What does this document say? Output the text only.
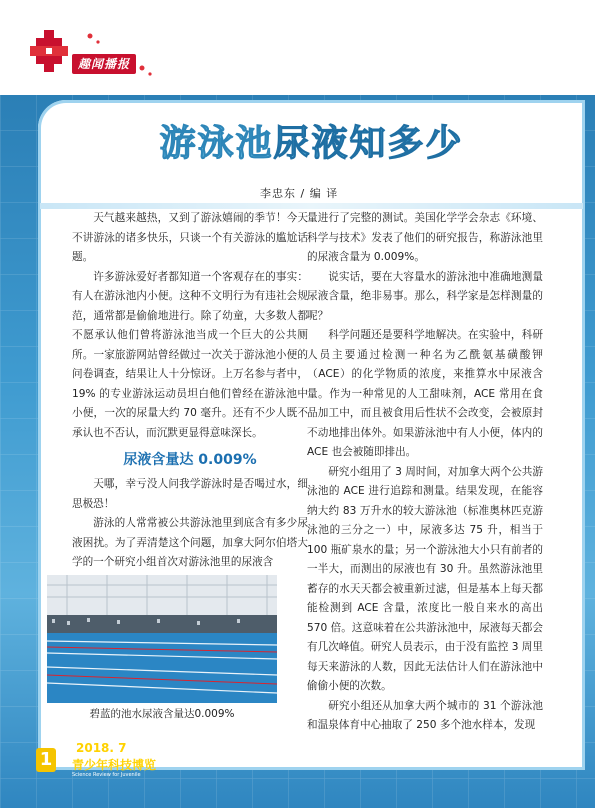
趣闻播报
游泳池尿液知多少
李忠东 / 编 译

天气越来越热，又到了游泳嬉闹的季节！今天不讲游泳的诸多快乐，只谈一个有关游泳的尴尬话题。

许多游泳爱好者都知道一个客观存在的事实：有人在游泳池内小便。这种不文明行为有违社会规范，通常都是偷偷地进行。除了幼童，大多数人都不愿承认他们曾将游泳池当成一个巨大的公共厕所。一家旅游网站曾经做过一次关于游泳池小便的问卷调查，结果让人十分惊讶。上万名参与者中，19% 的专业游泳运动员坦白他们曾经在游泳池中小便，一次的尿量大约 70 毫升。还有不少人既不承认也不否认，而沉默更显得意味深长。

尿液含量达 0.009%

天哪，幸亏没人问我学游泳时是否喝过水，细思极恐！

游泳的人常常被公共游泳池里到底含有多少尿液困扰。为了弄清楚这个问题，加拿大阿尔伯塔大学的一个研究小组首次对游泳池里的尿液含

量进行了完整的测试。美国化学学会杂志《环境、科学与技术》发表了他们的研究报告，称游泳池里的尿液含量为 0.009%。

说实话，要在大容量水的游泳池中准确地测量尿液含量，绝非易事。那么，科学家是怎样测量的呢？

科学问题还是要科学地解决。在实验中，科研人员主要通过检测一种名为乙酰氨基磺酸钾（ACE）的化学物质的浓度，来推算水中尿液含量。作为一种常见的人工甜味剂，ACE 常用在食品加工中，而且被食用后性状不会改变，会被原封不动地排出体外。如果游泳池中有人小便，体内的 ACE 也会被随即排出。

研究小组用了 3 周时间，对加拿大两个公共游泳池的 ACE 进行追踪和测量。结果发现，在能容纳大约 83 万升水的较大游泳池（标准奥林匹克游泳池的三分之一）中，尿液多达 75 升，相当于 100 瓶矿泉水的量；另一个游泳池大小只有前者的一半大，而测出的尿液也有 30 升。虽然游泳池里蓄存的水天天都会被重新过滤，但是基本上每天都能检测到 ACE 含量，浓度比一般自来水的高出 570 倍。这意味着在公共游泳池中，尿液每天都会有几次峰值。研究人员表示，由于没有监控 3 周里每天来游泳的人数，因此无法估计人们在游泳池中偷偷小便的次数。

研究小组还从加拿大两个城市的 31 个游泳池和温泉体育中心抽取了 250 多个池水样本，发现

碧蓝的池水尿液含量达0.009%
1
2018. 7
青少年科技博览
Science Review for Juvenile
